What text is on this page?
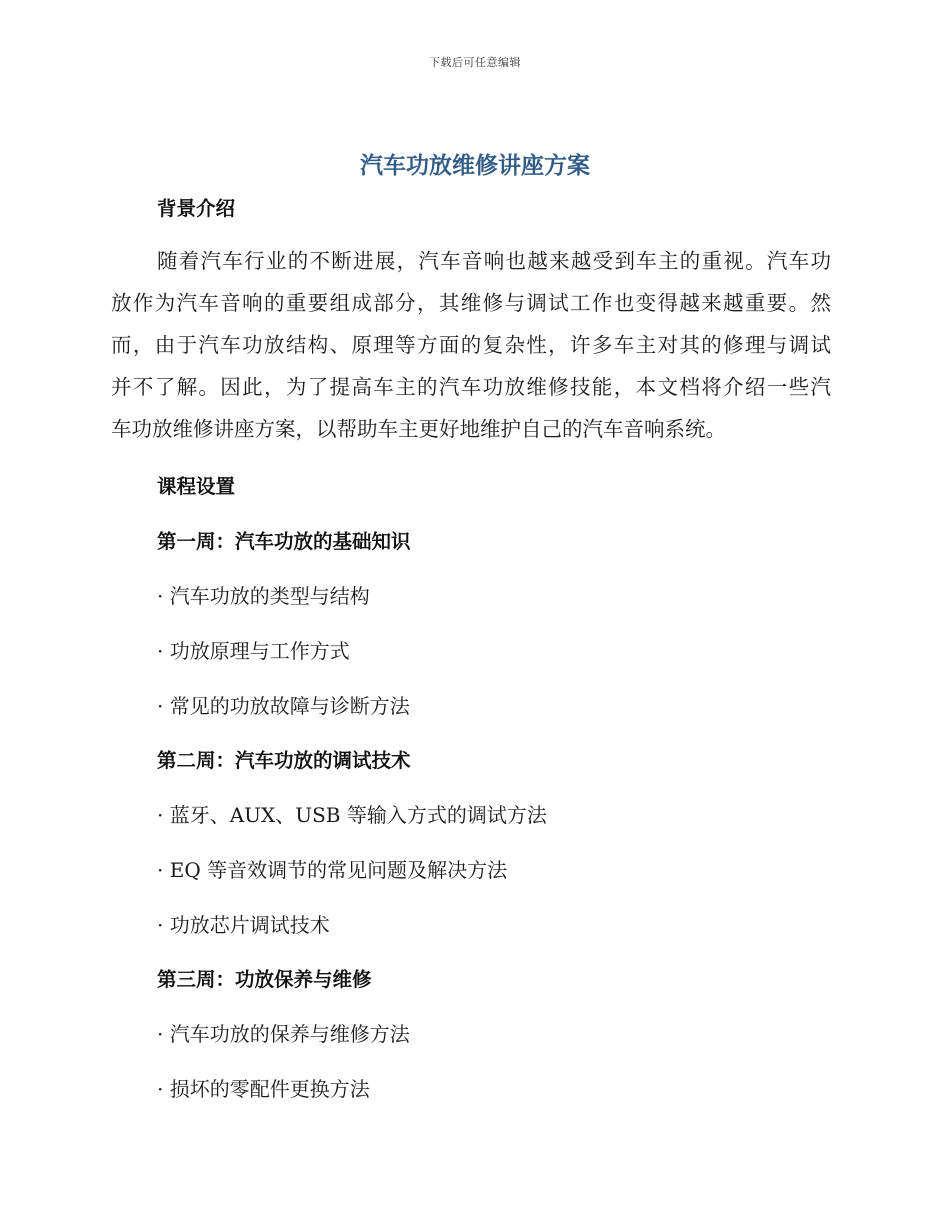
下载后可任意编辑
汽车功放维修讲座方案
背景介绍
随着汽车行业的不断进展，汽车音响也越来越受到车主的重视。汽车功
放作为汽车音响的重要组成部分，其维修与调试工作也变得越来越重要。然
而，由于汽车功放结构、原理等方面的复杂性，许多车主对其的修理与调试
并不了解。因此，为了提高车主的汽车功放维修技能，本文档将介绍一些汽
车功放维修讲座方案，以帮助车主更好地维护自己的汽车音响系统。
课程设置
第一周：汽车功放的基础知识

· 汽车功放的类型与结构

· 功放原理与工作方式

· 常见的功放故障与诊断方法

第二周：汽车功放的调试技术

· 蓝牙、AUX、USB 等输入方式的调试方法

· EQ 等音效调节的常见问题及解决方法

· 功放芯片调试技术

第三周：功放保养与维修

· 汽车功放的保养与维修方法

· 损坏的零配件更换方法
